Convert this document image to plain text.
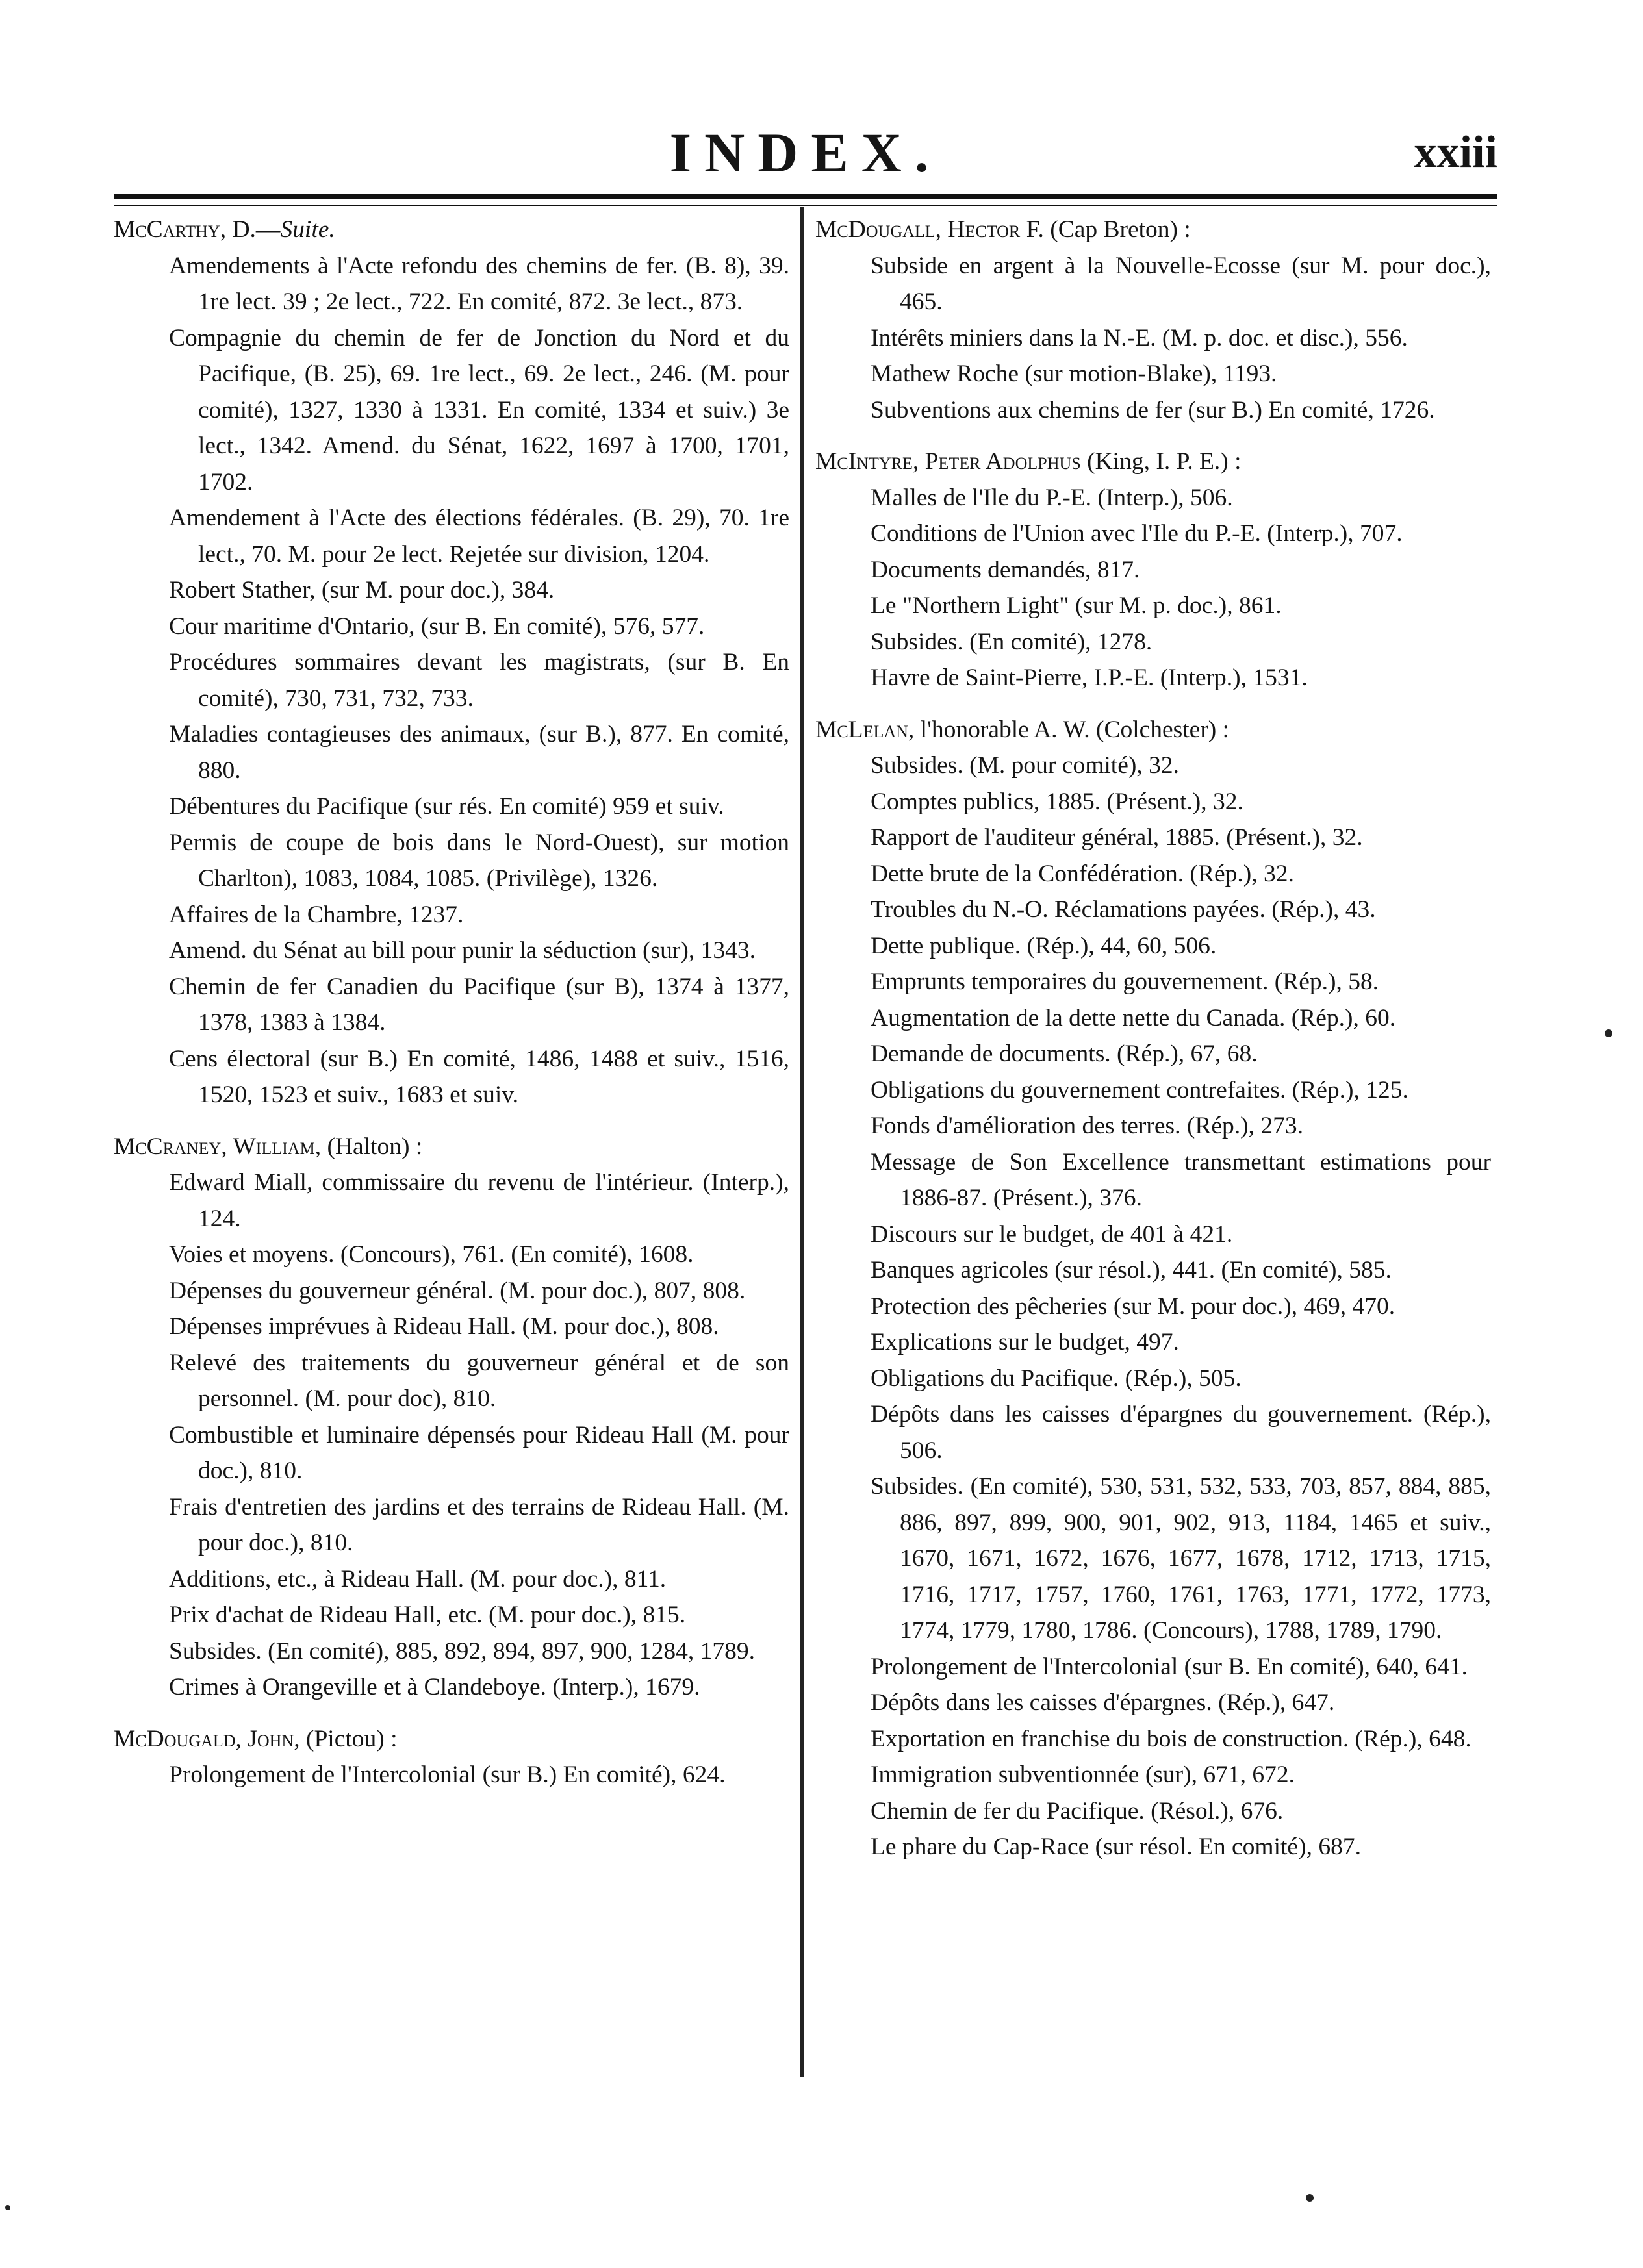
INDEX.	xxiii
McCarthy, D.—Suite.
Amendements à l'Acte refondu des chemins de fer. (B. 8), 39. 1re lect. 39 ; 2e lect., 722. En comité, 872. 3e lect., 873.
Compagnie du chemin de fer de Jonction du Nord et du Pacifique, (B. 25), 69. 1re lect., 69. 2e lect., 246. (M. pour comité), 1327, 1330 à 1331. En comité, 1334 et suiv.) 3e lect., 1342. Amend. du Sénat, 1622, 1697 à 1700, 1701, 1702.
Amendement à l'Acte des élections fédérales. (B. 29), 70. 1re lect., 70. M. pour 2e lect. Rejetée sur division, 1204.
Robert Stather, (sur M. pour doc.), 384.
Cour maritime d'Ontario, (sur B. En comité), 576, 577.
Procédures sommaires devant les magistrats, (sur B. En comité), 730, 731, 732, 733.
Maladies contagieuses des animaux, (sur B.), 877. En comité, 880.
Débentures du Pacifique (sur rés. En comité) 959 et suiv.
Permis de coupe de bois dans le Nord-Ouest), sur motion Charlton), 1083, 1084, 1085. (Privilège), 1326.
Affaires de la Chambre, 1237.
Amend. du Sénat au bill pour punir la séduction (sur), 1343.
Chemin de fer Canadien du Pacifique (sur B), 1374 à 1377, 1378, 1383 à 1384.
Cens électoral (sur B.) En comité, 1486, 1488 et suiv., 1516, 1520, 1523 et suiv., 1683 et suiv.
McCraney, William, (Halton) :
Edward Miall, commissaire du revenu de l'intérieur. (Interp.), 124.
Voies et moyens. (Concours), 761. (En comité), 1608.
Dépenses du gouverneur général. (M. pour doc.), 807, 808.
Dépenses imprévues à Rideau Hall. (M. pour doc.), 808.
Relevé des traitements du gouverneur général et de son personnel. (M. pour doc), 810.
Combustible et luminaire dépensés pour Rideau Hall (M. pour doc.), 810.
Frais d'entretien des jardins et des terrains de Rideau Hall. (M. pour doc.), 810.
Additions, etc., à Rideau Hall. (M. pour doc.), 811.
Prix d'achat de Rideau Hall, etc. (M. pour doc.), 815.
Subsides. (En comité), 885, 892, 894, 897, 900, 1284, 1789.
Crimes à Orangeville et à Clandeboye. (Interp.), 1679.
McDougald, John, (Pictou) :
Prolongement de l'Intercolonial (sur B.) En comité), 624.
McDougall, Hector F. (Cap Breton) :
Subside en argent à la Nouvelle-Ecosse (sur M. pour doc.), 465.
Intérêts miniers dans la N.-E. (M. p. doc. et disc.), 556.
Mathew Roche (sur motion-Blake), 1193.
Subventions aux chemins de fer (sur B.) En comité, 1726.
McIntyre, Peter Adolphus (King, I. P. E.) :
Malles de l'Ile du P.-E. (Interp.), 506.
Conditions de l'Union avec l'Ile du P.-E. (Interp.), 707.
Documents demandés, 817.
Le "Northern Light" (sur M. p. doc.), 861.
Subsides. (En comité), 1278.
Havre de Saint-Pierre, I.P.-E. (Interp.), 1531.
McLelan, l'honorable A. W. (Colchester) :
Subsides. (M. pour comité), 32.
Comptes publics, 1885. (Présent.), 32.
Rapport de l'auditeur général, 1885. (Présent.), 32.
Dette brute de la Confédération. (Rép.), 32.
Troubles du N.-O. Réclamations payées. (Rép.), 43.
Dette publique. (Rép.), 44, 60, 506.
Emprunts temporaires du gouvernement. (Rép.), 58.
Augmentation de la dette nette du Canada. (Rép.), 60.
Demande de documents. (Rép.), 67, 68.
Obligations du gouvernement contrefaites. (Rép.), 125.
Fonds d'amélioration des terres. (Rép.), 273.
Message de Son Excellence transmettant estimations pour 1886-87. (Présent.), 376.
Discours sur le budget, de 401 à 421.
Banques agricoles (sur résol.), 441. (En comité), 585.
Protection des pêcheries (sur M. pour doc.), 469, 470.
Explications sur le budget, 497.
Obligations du Pacifique. (Rép.), 505.
Dépôts dans les caisses d'épargnes du gouvernement. (Rép.), 506.
Subsides. (En comité), 530, 531, 532, 533, 703, 857, 884, 885, 886, 897, 899, 900, 901, 902, 913, 1184, 1465 et suiv., 1670, 1671, 1672, 1676, 1677, 1678, 1712, 1713, 1715, 1716, 1717, 1757, 1760, 1761, 1763, 1771, 1772, 1773, 1774, 1779, 1780, 1786. (Concours), 1788, 1789, 1790.
Prolongement de l'Intercolonial (sur B. En comité), 640, 641.
Dépôts dans les caisses d'épargnes. (Rép.), 647.
Exportation en franchise du bois de construction. (Rép.), 648.
Immigration subventionnée (sur), 671, 672.
Chemin de fer du Pacifique. (Résol.), 676.
Le phare du Cap-Race (sur résol. En comité), 687.
